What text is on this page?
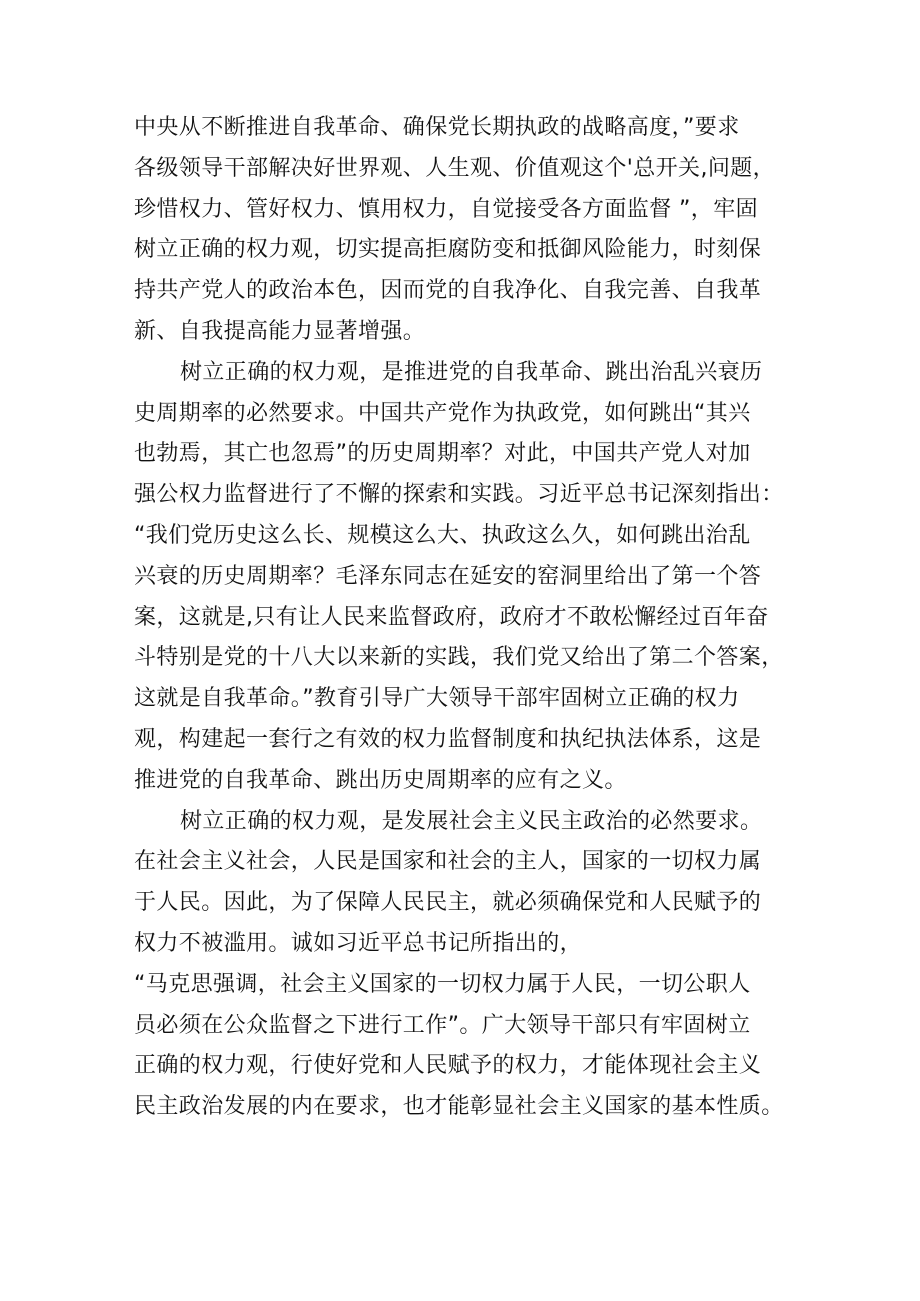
中央从不断推进自我革命、确保党长期执政的战略高度，”要求
各级领导干部解决好世界观、人生观、价值观这个'总开关,问题，
珍惜权力、管好权力、慎用权力，自觉接受各方面监督 ”，牢固
树立正确的权力观，切实提高拒腐防变和抵御风险能力，时刻保
持共产党人的政治本色，因而党的自我净化、自我完善、自我革
新、自我提高能力显著增强。
树立正确的权力观，是推进党的自我革命、跳出治乱兴衰历
史周期率的必然要求。中国共产党作为执政党，如何跳出“其兴
也勃焉，其亡也忽焉”的历史周期率？对此，中国共产党人对加
强公权力监督进行了不懈的探索和实践。习近平总书记深刻指出：
“我们党历史这么长、规模这么大、执政这么久，如何跳出治乱
兴衰的历史周期率？毛泽东同志在延安的窑洞里给出了第一个答
案，这就是,只有让人民来监督政府，政府才不敢松懈经过百年奋
斗特别是党的十八大以来新的实践，我们党又给出了第二个答案，
这就是自我革命。”教育引导广大领导干部牢固树立正确的权力
观，构建起一套行之有效的权力监督制度和执纪执法体系，这是
推进党的自我革命、跳出历史周期率的应有之义。
树立正确的权力观，是发展社会主义民主政治的必然要求。
在社会主义社会，人民是国家和社会的主人，国家的一切权力属
于人民。因此，为了保障人民民主，就必须确保党和人民赋予的
权力不被滥用。诚如习近平总书记所指出的，
“马克思强调，社会主义国家的一切权力属于人民，一切公职人
员必须在公众监督之下进行工作”。广大领导干部只有牢固树立
正确的权力观，行使好党和人民赋予的权力，才能体现社会主义
民主政治发展的内在要求，也才能彰显社会主义国家的基本性质。
